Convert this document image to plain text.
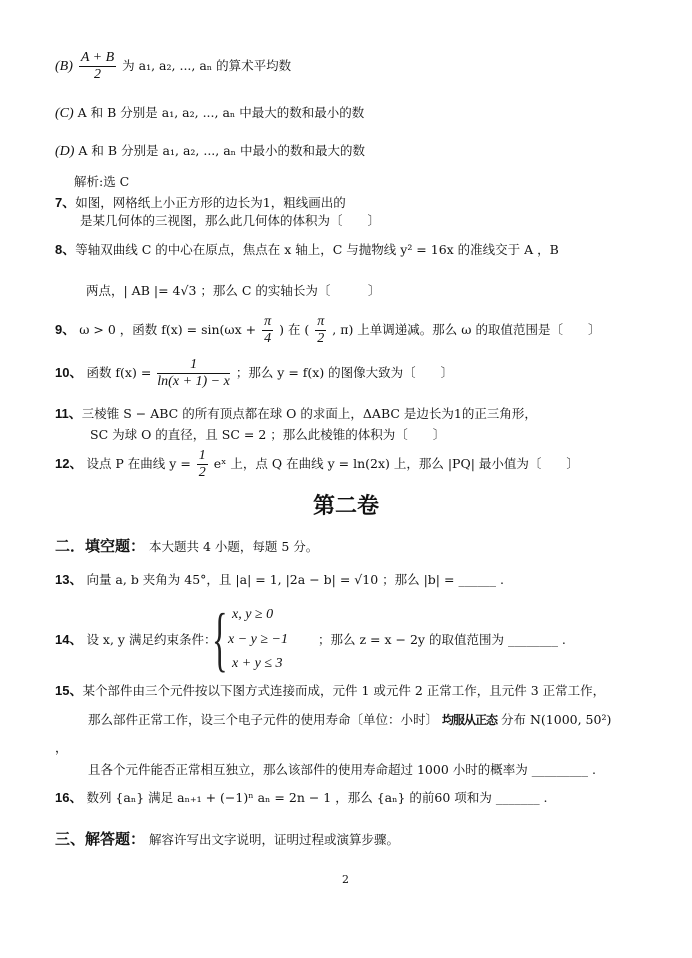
$(B) \frac{A + B}{2}$ 为 a₁, a₂, ..., aₙ 的算术平均数
(C) A 和 B 分别是 a₁, a₂, ..., aₙ 中最大的数和最小的数
(D) A 和 B 分别是 a₁, a₂, ..., aₙ 中最小的数和最大的数
解析:选 C
7、如图，网格纸上小正方形的边长为1，粗线画出的
是某几何体的三视图，那么此几何体的体积为〔　　〕
8、等轴双曲线 C 的中心在原点，焦点在 x 轴上，C 与抛物线 y² = 16x 的准线交于 A ，B
两点，| AB |= 4√3 ；那么 C 的实轴长为〔　　　〕
9、 ω > 0 ，函数 $f(x) = \sin(\omega x + \frac{\pi}{4}$ ) 在 ( $\frac{\pi}{2}$ , π) 上单调递减。那么 ω 的取值范围是〔　　〕
10、 函数 $f(x) = \frac{1}{\ln(x + 1) - x}$ ；那么 y = f(x) 的图像大致为〔　　〕
11、三棱锥 S − ABC 的所有顶点都在球 O 的求面上，ΔABC 是边长为1的正三角形，
SC 为球 O 的直径，且 SC = 2 ；那么此棱锥的体积为〔　　〕
12、 设点 P 在曲线 $y = \frac{1}{2}$ eˣ 上，点 Q 在曲线 y = ln(2x) 上，那么 |PQ| 最小值为〔　　〕
第二卷
二．填空题： 本大题共 4 小题，每题 5 分。
13、 向量 a, b 夹角为 45°，且 |a| = 1, |2a − b| = √10 ；那么 |b| = ______ .
14、 设 x, y 满足约束条件：
{ x, y ≥ 0
x − y ≥ −1
x + y ≤ 3
；那么 z = x − 2y 的取值范围为 ________ .
15、某个部件由三个元件按以下图方式连接而成，元件 1 或元件 2 正常工作，且元件 3 正常工作，
那么部件正常工作，设三个电子元件的使用寿命〔单位：小时〕 均服从正态 分布 N(1000, 50²)
，
且各个元件能否正常相互独立，那么该部件的使用寿命超过 1000 小时的概率为 _________ .
16、 数列 {aₙ} 满足 aₙ₊₁ + (−1)ⁿ aₙ = 2n − 1 ，那么 {aₙ} 的前60 项和为 _______ .
三、解答题： 解容许写出文字说明，证明过程或演算步骤。
2
